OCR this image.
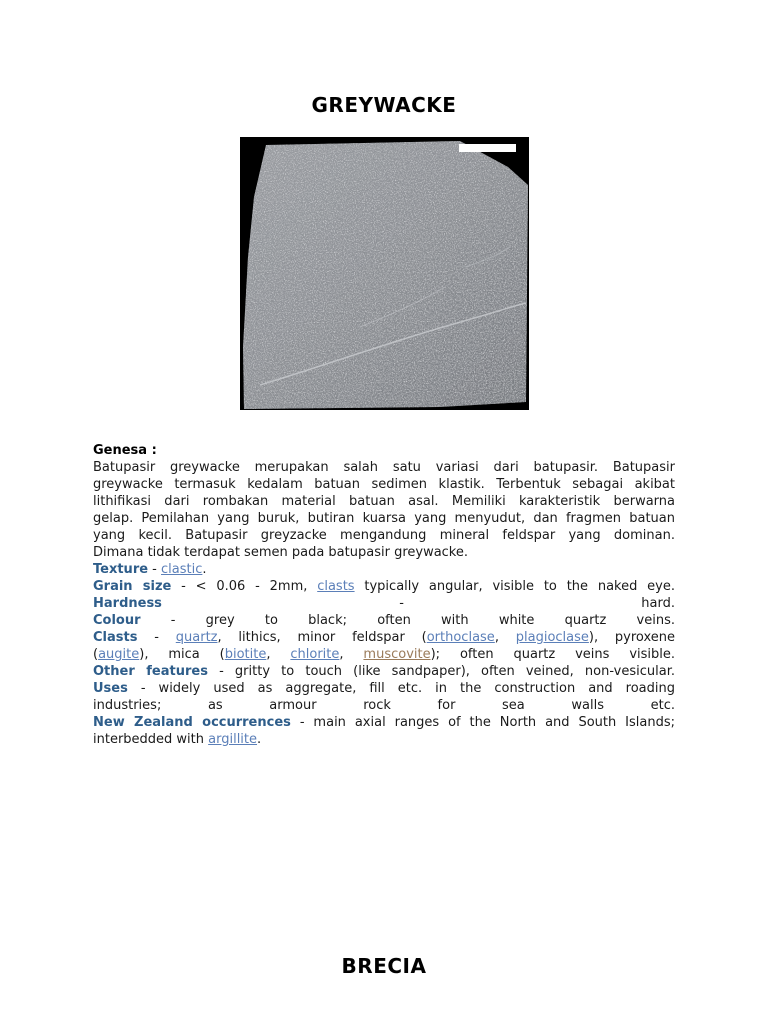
GREYWACKE

Genesa :

Batupasir greywacke merupakan salah satu variasi dari batupasir. Batupasir

greywacke termasuk kedalam batuan sedimen klastik. Terbentuk sebagai akibat

lithifikasi dari rombakan material batuan asal. Memiliki karakteristik berwarna

gelap. Pemilahan yang buruk, butiran kuarsa yang menyudut, dan fragmen batuan

yang kecil. Batupasir greyzacke mengandung mineral feldspar yang dominan.

Dimana tidak terdapat semen pada batupasir greywacke.

Texture - clastic.

Grain size - < 0.06 - 2mm, clasts typically angular, visible to the naked eye.

Hardness - hard.

Colour - grey to black; often with white quartz veins.

Clasts - quartz, lithics, minor feldspar (orthoclase, plagioclase), pyroxene

(augite), mica (biotite, chlorite, muscovite); often quartz veins visible.

Other features - gritty to touch (like sandpaper), often veined, non-vesicular.

Uses - widely used as aggregate, fill etc. in the construction and roading

industries; as armour rock for sea walls etc.

New Zealand occurrences - main axial ranges of the North and South Islands;

interbedded with argillite.

BRECIA
